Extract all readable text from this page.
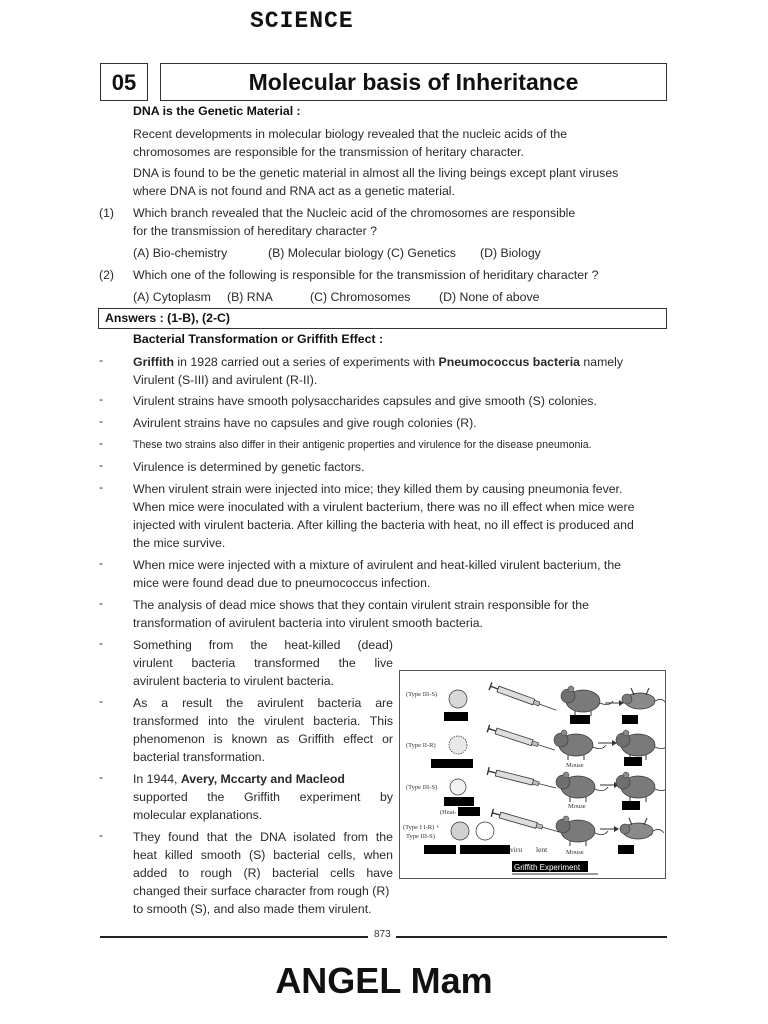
SCIENCE
05	Molecular basis of Inheritance
DNA is the Genetic Material :
Recent developments in molecular biology revealed that the nucleic acids of the
chromosomes are responsible for the transmission of heritary character.
DNA is found to be the genetic material in almost all the living beings except plant viruses
where DNA is not found and RNA act as a genetic material.
(1) Which branch revealed that the Nucleic acid of the chromosomes are responsible
for the transmission of hereditary character ?
(A) Bio-chemistry	(B) Molecular biology (C) Genetics (D) Biology
(2) Which one of the following is responsible for the transmission of heriditary character ?
(A) Cytoplasm (B) RNA	(C) Chromosomes (D) None of above
Answers : (1-B), (2-C)
Bacterial Transformation or Griffith Effect :
- Griffith in 1928 carried out a series of experiments with Pneumococcus bacteria namely
Virulent (S-III) and avirulent (R-II).
- Virulent strains have smooth polysaccharides capsules and give smooth (S) colonies.
- Avirulent strains have no capsules and give rough colonies (R).
-	These two strains also differ in their antigenic properties and virulence for the disease pneumonia.
- Virulence is determined by genetic factors.
- When virulent strain were injected into mice; they killed them by causing pneumonia fever.
When mice were inoculated with a virulent bacterium, there was no ill effect when mice were
injected with virulent bacteria. After killing the bacteria with heat, no ill effect is produced and
the mice survive.
- When mice were injected with a mixture of avirulent and heat-killed virulent bacterium, the
mice were found dead due to pneumococcus infection.
- The analysis of dead mice shows that they contain virulent strain responsible for the
transformation of avirulent bacteria into virulent smooth bacteria.
- Something from the heat-killed (dead)
virulent bacteria transformed the live
avirulent bacteria to virulent bacteria.
- As a result the avirulent bacteria are
transformed into the virulent bacteria. This
phenomenon is known as Griffith effect or
bacterial transformation.
- In 1944, Avery, Mccarty and Macleod
supported the Griffith experiment by
molecular explanations.
- They found that the DNA isolated from the
heat killed smooth (S) bacterial cells, when
added to rough (R) bacterial cells have
changed their surface character from rough (R)
to smooth (S), and also made them virulent.
(Type III-S)
(Type II-R)
Mouse
(Type III-S)
(Heat-
Mouse
(Type I I-R) +
Type III-S)
viru lent	Mouse
Griffith Experiment
873
ANGEL Mam
